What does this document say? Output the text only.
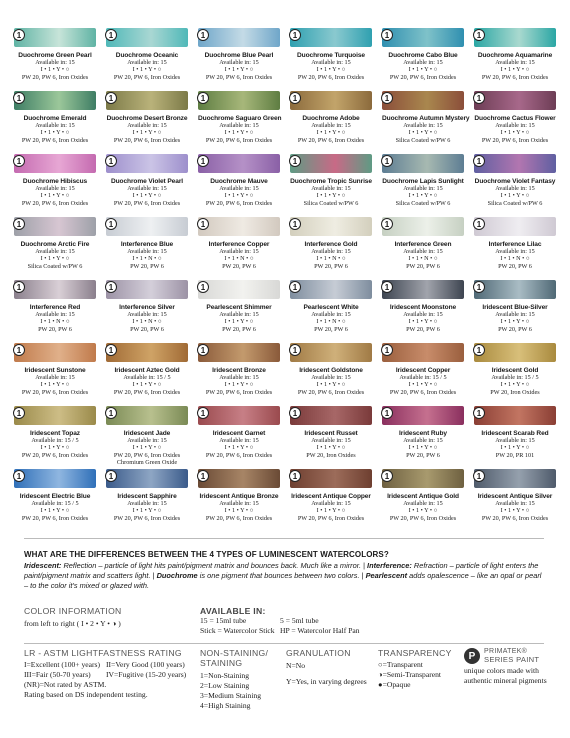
1
Duochrome Green Pearl
Available in: 15
I • 1 • Y • ○
PW 20, PW 6, Iron Oxides
1
Duochrome Oceanic
Available in: 15
I • 1 • Y • ○
PW 20, PW 6, Iron Oxides
1
Duochrome Blue Pearl
Available in: 15
I • 1 • Y • ○
PW 20, PW 6, Iron Oxides
1
Duochrome Turquoise
Available in: 15
I • 1 • Y • ○
PW 20, PW 6, Iron Oxides
1
Duochrome Cabo Blue
Available in: 15
I • 1 • Y • ○
PW 20, PW 6, Iron Oxides
1
Duochrome Aquamarine
Available in: 15
I • 1 • Y • ○
PW 20, PW 6, Iron Oxides
1
Duochrome Emerald
Available in: 15
I • 1 • Y • ○
PW 20, PW 6, Iron Oxides
1
Duochrome Desert Bronze
Available in: 15
I • 1 • Y • ○
PW 20, PW 6, Iron Oxides
1
Duochrome Saguaro Green
Available in: 15
I • 1 • Y • ○
PW 20, PW 6, Iron Oxides
1
Duochrome Adobe
Available in: 15
I • 1 • Y • ○
PW 20, PW 6, Iron Oxides
1
Duochrome Autumn Mystery
Available in: 15
I • 1 • Y • ○
Silica Coated w/PW 6
1
Duochrome Cactus Flower
Available in: 15
I • 1 • Y • ○
PW 20, PW 6, Iron Oxides
1
Duochrome Hibiscus
Available in: 15
I • 1 • Y • ○
PW 20, PW 6, Iron Oxides
1
Duochrome Violet Pearl
Available in: 15
I • 1 • Y • ○
PW 20, PW 6, Iron Oxides
1
Duochrome Mauve
Available in: 15
I • 1 • Y • ○
PW 20, PW 6, Iron Oxides
1
Duochrome Tropic Sunrise
Available in: 15
I • 1 • Y • ○
Silica Coated w/PW 6
1
Duochrome Lapis Sunlight
Available in: 15
I • 1 • Y • ○
Silica Coated w/PW 6
1
Duochrome Violet Fantasy
Available in: 15
I • 1 • Y • ○
Silica Coated w/PW 6
1
Duochrome Arctic Fire
Available in: 15
I • 1 • Y • ○
Silica Coated w/PW 6
1
Interference Blue
Available in: 15
I • 1 • N • ○
PW 20, PW 6
1
Interference Copper
Available in: 15
I • 1 • N • ○
PW 20, PW 6
1
Interference Gold
Available in: 15
I • 1 • N • ○
PW 20, PW 6
1
Interference Green
Available in: 15
I • 1 • N • ○
PW 20, PW 6
1
Interference Lilac
Available in: 15
I • 1 • N • ○
PW 20, PW 6
1
Interference Red
Available in: 15
I • 1 • N • ○
PW 20, PW 6
1
Interference Silver
Available in: 15
I • 1 • N • ○
PW 20, PW 6
1
Pearlescent Shimmer
Available in: 15
I • 1 • Y • ○
PW 20, PW 6
1
Pearlescent White
Available in: 15
I • 1 • N • ○
PW 20, PW 6
1
Iridescent Moonstone
Available in: 15
I • 1 • Y • ○
PW 20, PW 6
1
Iridescent Blue-Silver
Available in: 15
I • 1 • Y • ○
PW 20, PW 6
1
Iridescent Sunstone
Available in: 15
I • 1 • Y • ○
PW 20, PW 6, Iron Oxides
1
Iridescent Aztec Gold
Available in: 15 / 5
I • 1 • Y • ○
PW 20, PW 6, Iron Oxides
1
Iridescent Bronze
Available in: 15
I • 1 • Y • ○
PW 20, PW 6, Iron Oxides
1
Iridescent Goldstone
Available in: 15
I • 1 • Y • ○
PW 20, PW 6, Iron Oxides
1
Iridescent Copper
Available in: 15 / 5
I • 1 • Y • ○
PW 20, PW 6, Iron Oxides
1
Iridescent Gold
Available in: 15 / 5
I • 1 • Y • ○
PW 20, Iron Oxides
1
Iridescent Topaz
Available in: 15 / 5
I • 1 • Y • ○
PW 20, PW 6, Iron Oxides
1
Iridescent Jade
Available in: 15
I • 1 • Y • ○
PW 20, PW 6, Iron Oxides
Chromium Green Oxide
1
Iridescent Garnet
Available in: 15
I • 1 • Y • ○
PW 20, PW 6, Iron Oxides
1
Iridescent Russet
Available in: 15
I • 1 • Y • ○
PW 20, Iron Oxides
1
Iridescent Ruby
Available in: 15
I • 1 • Y • ○
PW 20, PW 6
1
Iridescent Scarab Red
Available in: 15
I • 1 • Y • ○
PW 20, PR 101
1
Iridescent Electric Blue
Available in: 15 / 5
I • 1 • Y • ○
PW 20, PW 6, Iron Oxides
1
Iridescent Sapphire
Available in: 15
I • 1 • Y • ○
PW 20, PW 6, Iron Oxides
1
Iridescent Antique Bronze
Available in: 15
I • 1 • Y • ○
PW 20, PW 6, Iron Oxides
1
Iridescent Antique Copper
Available in: 15
I • 1 • Y • ○
PW 20, PW 6, Iron Oxides
1
Iridescent Antique Gold
Available in: 15
I • 1 • Y • ○
PW 20, PW 6, Iron Oxides
1
Iridescent Antique Silver
Available in: 15
I • 1 • Y • ○
PW 20, PW 6, Iron Oxides
WHAT ARE THE DIFFERENCES BETWEEN THE 4 TYPES OF LUMINESCENT WATERCOLORS?
Iridescent: Reflection – particle of light hits paint/pigment matrix and bounces back. Much like a mirror. | Interference: Refraction – particle of light enters the paint/pigment matrix and scatters light. | Duochrome is one pigment that bounces between two colors. | Pearlescent adds opalescence – like an opal or pearl – to the color it's mixed or glazed with.
COLOR INFORMATION
from left to right ( I • 2 • Y • ◑ )
AVAILABLE IN:
15 = 15ml tube	5 = 5ml tube
Stick = Watercolor Stick HP = Watercolor Half Pan
LR - ASTM LIGHTFASTNESS RATING
I=Excellent (100+ years) II=Very Good (100 years)
III=Fair (50-70 years)	IV=Fugitive (15-20 years)
(NR)=Not rated by ASTM.
Rating based on DS independent testing.
NON-STAINING/
STAINING
1=Non-Staining
2=Low Staining
3=Medium Staining
4=High Staining
GRANULATION
N=No
Y=Yes, in varying degrees
TRANSPARENCY
○=Transparent
◑=Semi-Transparent
●=Opaque
P PRIMATEK®
SERIES PAINT
unique colors made with
authentic mineral pigments
